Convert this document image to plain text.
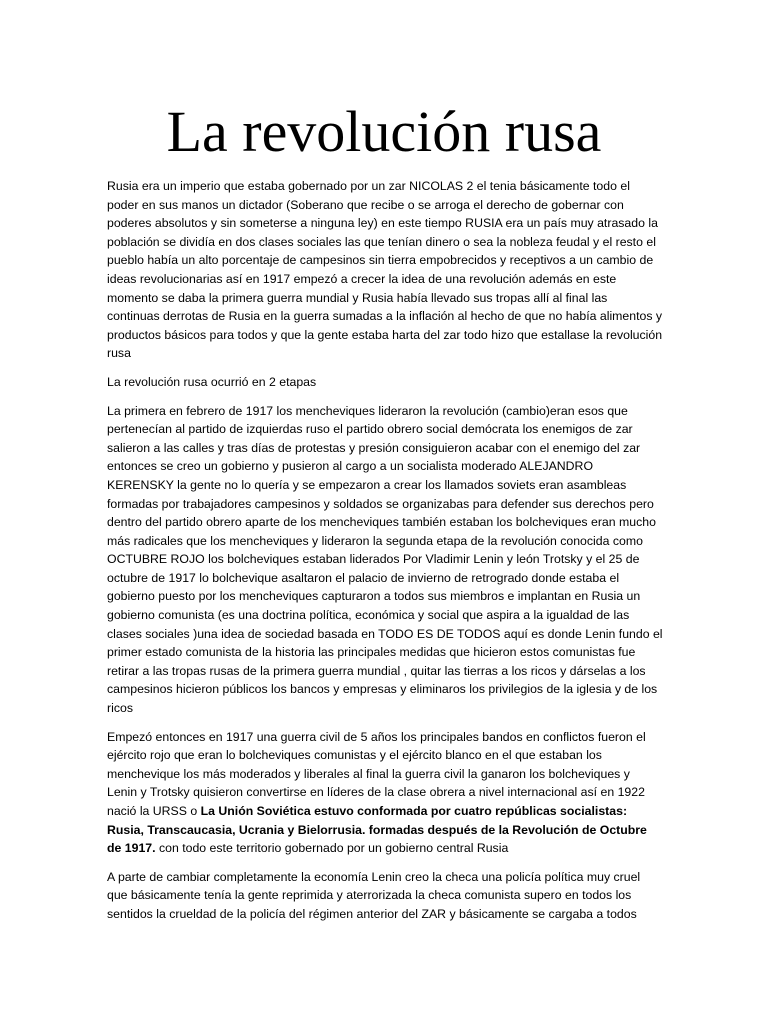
La revolución rusa

Rusia era un imperio que estaba gobernado por un zar NICOLAS 2 el tenia básicamente todo el poder en sus manos un dictador (Soberano que recibe o se arroga el derecho de gobernar con poderes absolutos y sin someterse a ninguna ley) en este tiempo RUSIA era un país muy atrasado la población se dividía en dos clases sociales las que tenían dinero o sea la nobleza feudal y el resto el pueblo había un alto porcentaje de campesinos sin tierra empobrecidos y receptivos a un cambio de ideas revolucionarias así en 1917 empezó a crecer la idea de una revolución además en este momento se daba la primera guerra mundial y Rusia había llevado sus tropas allí al final las continuas derrotas de Rusia en la guerra sumadas a la inflación al hecho de que no había alimentos y productos básicos para todos y que la gente estaba harta del zar todo hizo que estallase la revolución rusa

La revolución rusa ocurrió en 2 etapas

La primera en febrero de 1917 los mencheviques lideraron la revolución (cambio)eran esos que pertenecían al partido de izquierdas ruso el partido obrero social demócrata los enemigos de zar salieron a las calles y tras días de protestas y presión consiguieron acabar con el enemigo del zar entonces se creo un gobierno y pusieron al cargo a un socialista moderado ALEJANDRO KERENSKY la gente no lo quería y se empezaron a crear los llamados soviets eran asambleas formadas por trabajadores campesinos y soldados se organizabas para defender sus derechos pero dentro del partido obrero aparte de los mencheviques también estaban los bolcheviques eran mucho más radicales que los mencheviques y lideraron la segunda etapa de la revolución conocida como OCTUBRE ROJO los bolcheviques estaban liderados Por Vladimir Lenin y león Trotsky y el 25 de octubre de 1917 lo bolchevique asaltaron el palacio de invierno de retrogrado donde estaba el gobierno puesto por los mencheviques capturaron a todos sus miembros e implantan en Rusia un gobierno comunista (es una doctrina política, económica y social que aspira a la igualdad de las clases sociales )una idea de sociedad basada en TODO ES DE TODOS aquí es donde Lenin fundo el primer estado comunista de la historia las principales medidas que hicieron estos comunistas fue retirar a las tropas rusas de la primera guerra mundial , quitar las tierras a los ricos y dárselas a los campesinos hicieron públicos los bancos y empresas y eliminaros los privilegios de la iglesia y de los ricos

Empezó entonces en 1917 una guerra civil de 5 años los principales bandos en conflictos fueron el ejército rojo que eran lo bolcheviques comunistas y el ejército blanco en el que estaban los menchevique los más moderados y liberales al final la guerra civil la ganaron los bolcheviques y Lenin y Trotsky quisieron convertirse en líderes de la clase obrera a nivel internacional así en 1922 nació la URSS o La Unión Soviética estuvo conformada por cuatro repúblicas socialistas: Rusia, Transcaucasia, Ucrania y Bielorrusia. formadas después de la Revolución de Octubre de 1917. con todo este territorio gobernado por un gobierno central Rusia

A parte de cambiar completamente la economía Lenin creo la checa una policía política muy cruel que básicamente tenía la gente reprimida y aterrorizada la checa comunista supero en todos los sentidos la crueldad de la policía del régimen anterior del ZAR y básicamente se cargaba a todos
